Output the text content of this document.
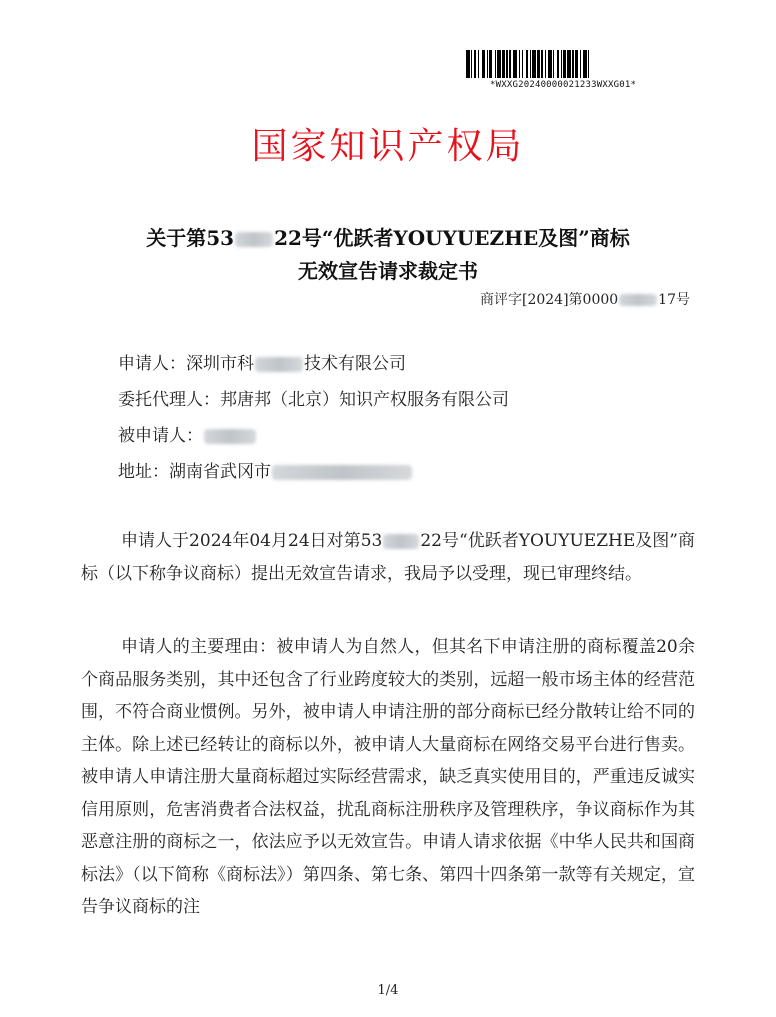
*WXXG20240000021233WXXG01*
国家知识产权局
关于第53 22号“优跃者YOUYUEZHE及图”商标
无效宣告请求裁定书
商评字[2024]第0000	17号
申请人：深圳市科	技术有限公司
委托代理人：邦唐邦（北京）知识产权服务有限公司
被申请人：
地址：湖南省武冈市

申请人于2024年04月24日对第53 22号“优跃者YOUYUEZHE及图”商标（以下称争议商标）提出无效宣告请求，我局予以受理，现已审理终结。

申请人的主要理由：被申请人为自然人，但其名下申请注册的商标覆盖20余个商品服务类别，其中还包含了行业跨度较大的类别，远超一般市场主体的经营范围，不符合商业惯例。另外，被申请人申请注册的部分商标已经分散转让给不同的主体。除上述已经转让的商标以外，被申请人大量商标在网络交易平台进行售卖。被申请人申请注册大量商标超过实际经营需求，缺乏真实使用目的，严重违反诚实信用原则，危害消费者合法权益，扰乱商标注册秩序及管理秩序，争议商标作为其恶意注册的商标之一，依法应予以无效宣告。申请人请求依据《中华人民共和国商标法》（以下简称《商标法》）第四条、第七条、第四十四条第一款等有关规定，宣告争议商标的注

1/4
